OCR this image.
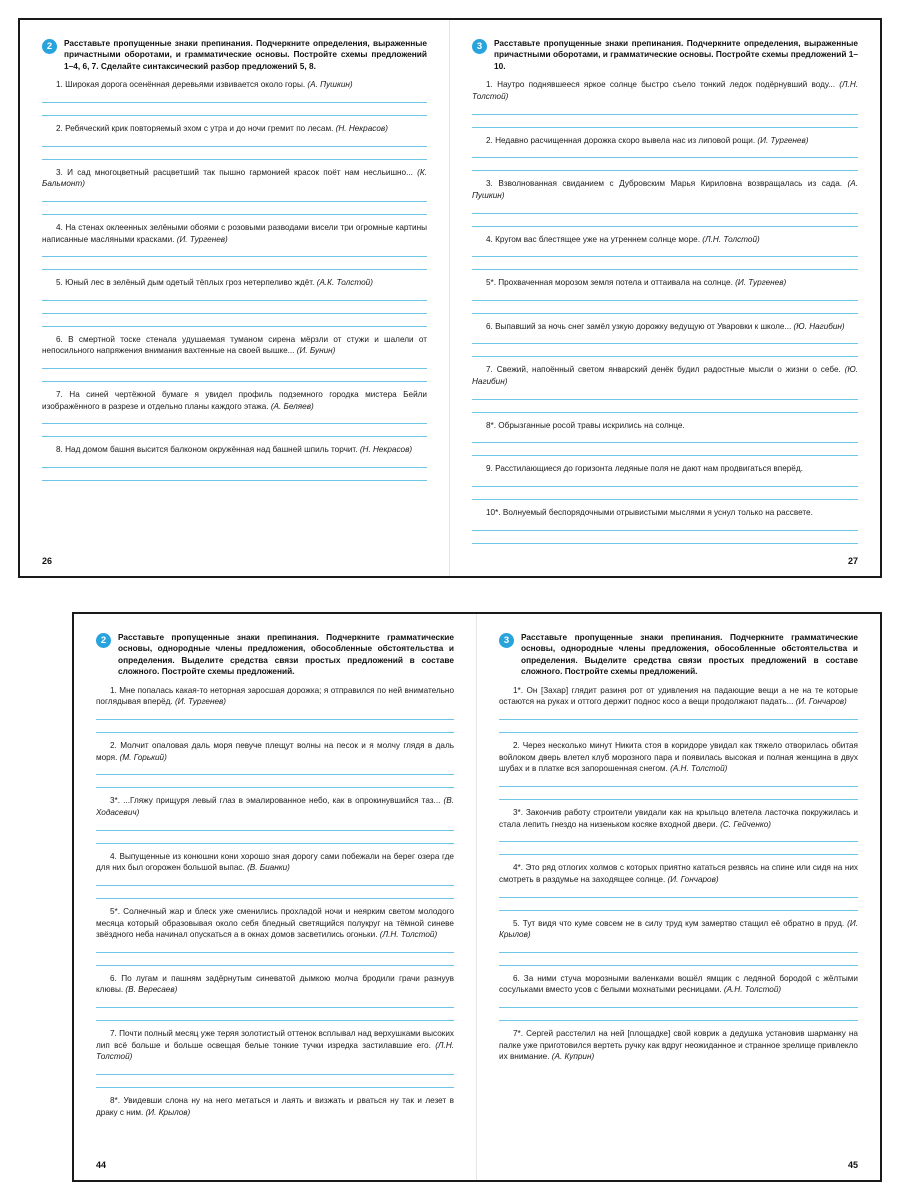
2	Расставьте пропущенные знаки препинания. Подчеркните определения, выраженные причастными оборотами, и грамматические основы. Постройте схемы предложений 1–4, 6, 7. Сделайте синтаксический разбор предложений 5, 8.

1. Широкая дорога осенённая деревьями извивается около горы. (А. Пушкин)

2. Ребячеcкий крик повторяемый эхом с утра и до ночи гремит по лесам. (Н. Некрасов)

3. И сад многоцветный расцветший так пышно гармонией красок поёт нам несльишно... (К. Бальмонт)

4. На стенах оклеенных зелёными обоями с розовыми разводами висели три огромные картины написанные масляными красками. (И. Тургенев)

5. Юный лес в зелёный дым одетый тёплых гроз нетерпеливо ждёт. (А.К. Толстой)

6. В смертной тоске стенала удушаемая туманом сирена мёрзли от стужи и шалели от непосильного напряжения внимания вахтенные на своей вышке... (И. Бунин)

7. На синей чертёжной бумаге я увидел профиль подземного городка мистера Бейли изображённого в разрезе и отдельно планы каждого этажа. (А. Беляев)

8. Над домом башня высится балконом окружённая над башней шпиль торчит. (Н. Некрасов)

26
3	Расставьте пропущенные знаки препинания. Подчеркните определения, выраженные причастными оборотами, и грамматические основы. Постройте схемы предложений 1–10.

1. Наутро поднявшееся яркое солнце быстро съело тонкий ледок подёрнувший воду... (Л.Н. Толстой)

2. Недавно расчищенная дорожка скоро вывела нас из липовой рощи. (И. Тургенев)

3. Взволнованная свиданием с Дубровским Марья Кириловна возвращалась из сада. (А. Пушкин)

4. Кругом вас блестящее уже на утреннем солнце море. (Л.Н. Толстой)

5*. Прохваченная морозом земля потела и оттаивала на солнце. (И. Тургенев)

6. Выпавший за ночь снег замёл узкую дорожку ведущую от Уваровки к школе... (Ю. Нагибин)

7. Свежий, напоённый светом январский денёк будил радостные мысли о жизни о себе. (Ю. Нагибин)

8*. Обрызганные росой травы искрились на солнце.

9. Расстилающиеся до горизонта ледяные поля не дают нам продвигаться вперёд.

10*. Волнуемый беспорядочными отрывистыми мыслями я уснул только на рассвете.

27
2	Расставьте пропущенные знаки препинания. Подчеркните грамматические основы, однородные члены предложения, обособленные обстоятельства и определения. Выделите средства связи простых предложений в составе сложного. Постройте схемы предложений.

1. Мне попалась какая-то неторная заросшая дорожка; я отправился по ней внимательно поглядывая вперёд. (И. Тургенев)

2. Молчит опаловая даль моря певуче плещут волны на песок и я молчу глядя в даль моря. (М. Горький)

3*. ...Гляжу прищуря левый глаз в эмалированное небо, как в опрокинувшийся таз... (В. Ходасевич)

4. Выпущенные из конюшни кони хорошо зная дорогу сами побежали на берег озера где для них был огорожен большой выпас. (В. Бианки)

5*. Солнечный жар и блеск уже сменились прохладой ночи и неярким светом молодого месяца который образовывая около себя бледный светящийся полукруг на тёмной синеве звёздного неба начинал опускаться а в окнах домов засветились огоньки. (Л.Н. Толстой)

6. По лугам и пашням задёрнутым синеватой дымкою молча бродили грачи разнуув клювы. (В. Вересаев)

7. Почти полный месяц уже теряя золотистый оттенок всплывал над верхушками высоких лип всё больше и больше освещая белые тонкие тучки изредка застилавшие его. (Л.Н. Толстой)

8*. Увидевши слона ну на него метаться и лаять и визжать и рваться ну так и лезет в драку с ним. (И. Крылов)

44
3	Расставьте пропущенные знаки препинания. Подчеркните грамматические основы, однородные члены предложения, обособленные обстоятельства и определения. Выделите средства связи простых предложений в составе сложного. Постройте схемы предложений.

1*. Он [Захар] глядит разиня рот от удивления на падающие вещи а не на те которые остаются на руках и оттого держит поднос косо а вещи продолжают падать... (И. Гончаров)

2. Через несколько минут Никита стоя в коридоре увидал как тяжело отворилась обитая войлоком дверь влетел клуб морозного пара и появилась высокая и полная женщина в двух шубах и в платке вся запорошенная снегом. (А.Н. Толстой)

3*. Закончив работу строители увидали как на крыльцо влетела ласточка покружилась и стала лепить гнездо на низеньком косяке входной двери. (С. Гейченко)

4*. Это ряд отлогих холмов с которых приятно кататься резвясь на спине или сидя на них смотреть в раздумье на заходящее солнце. (И. Гончаров)

5. Тут видя что куме совсем не в силу труд кум замертво стащил её обратно в пруд. (И. Крылов)

6. За ними стуча морозными валенками вошёл ямщик с ледяной бородой с жёлтыми сосульками вместо усов с белыми мохнатыми ресницами. (А.Н. Толстой)

7*. Сергей расстелил на ней [площадке] свой коврик а дедушка установив шарманку на палке уже приготовился вертеть ручку как вдруг неожиданное и странное зрелище привлекло их внимание. (А. Куприн)

45
